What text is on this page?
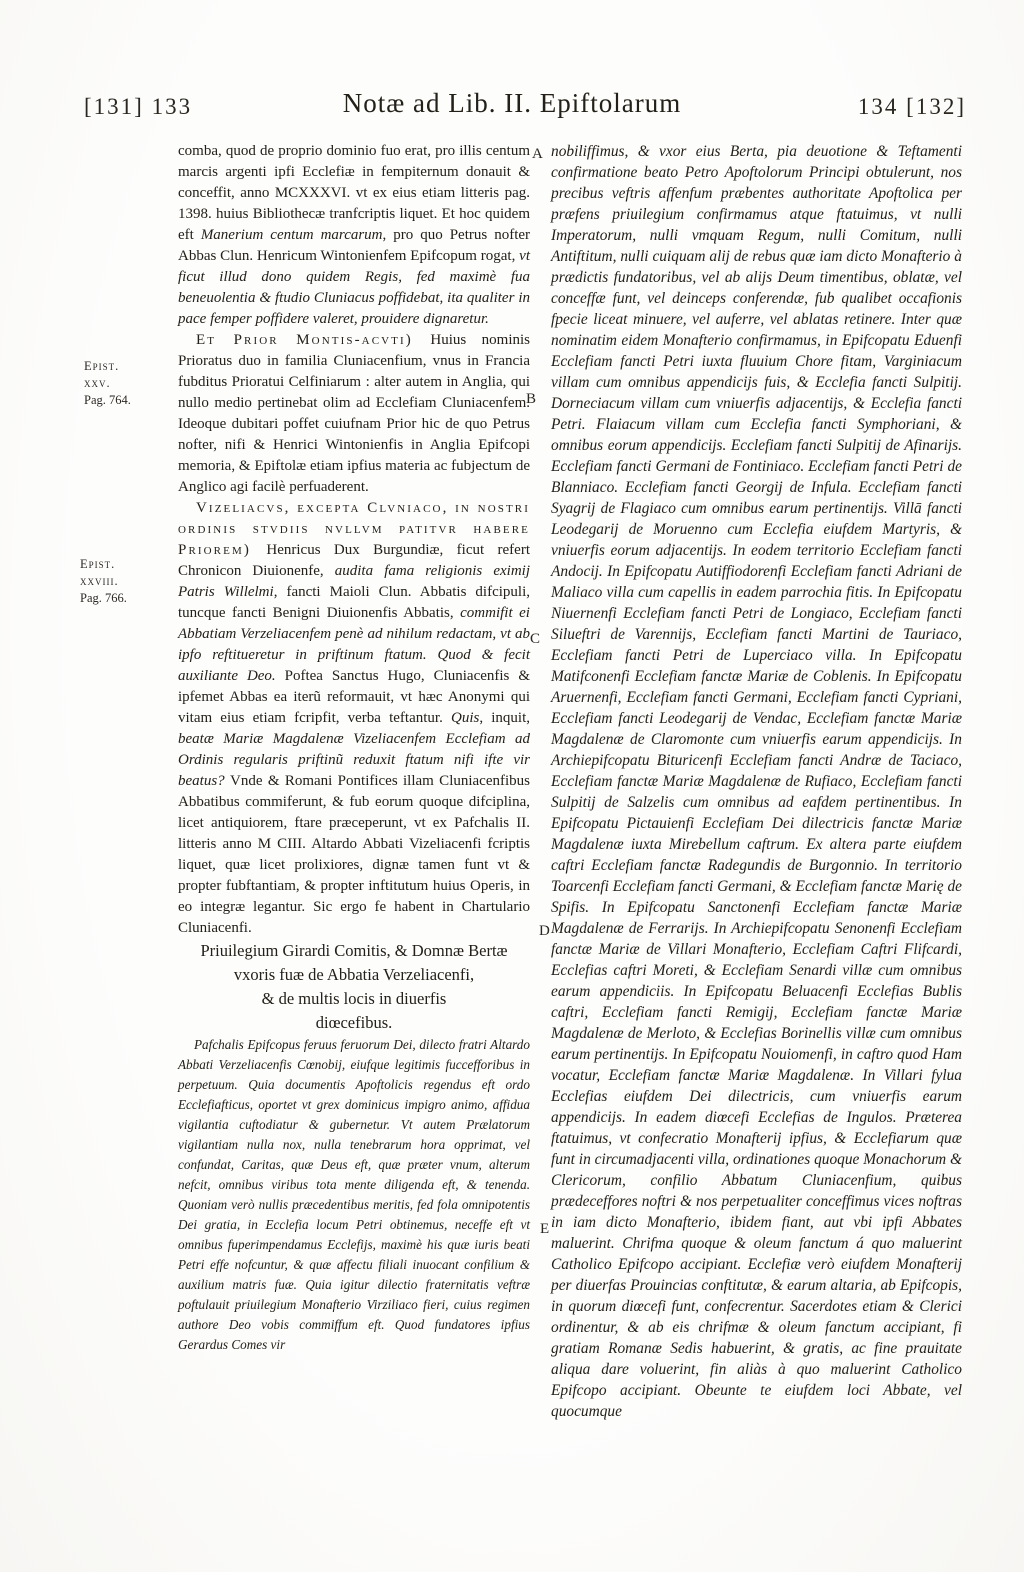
[131] 133	Notæ ad Lib. II. Epiftolarum	134 [132]
Epist.
xxv.
Pag. 764.
Epist.
xxviii.
Pag. 766.
A
B
C
D
E

comba, quod de proprio dominio fuo erat, pro illis centum marcis argenti ipfi Ecclefiæ in fempiternum donauit & conceffit, anno MCXXXVI. vt ex eius etiam litteris pag. 1398. huius Bibliothecæ tranfcriptis liquet. Et hoc quidem eft Manerium centum marcarum, pro quo Petrus nofter Abbas Clun. Henricum Wintonienfem Epifcopum rogat, vt ficut illud dono quidem Regis, fed maximè fua beneuolentia & ftudio Cluniacus poffidebat, ita qualiter in pace femper poffidere valeret, prouidere dignaretur.

Et Prior Montis-acvti) Huius nominis Prioratus duo in familia Cluniacenfium, vnus in Francia fubditus Prioratui Celfiniarum : alter autem in Anglia, qui nullo medio pertinebat olim ad Ecclefiam Cluniacenfem. Ideoque dubitari poffet cuiufnam Prior hic de quo Petrus nofter, nifi & Henrici Wintonienfis in Anglia Epifcopi memoria, & Epiftolæ etiam ipfius materia ac fubjectum de Anglico agi facilè perfuaderent.

Vizeliacvs, excepta Clvniaco, in nostri ordinis stvdiis nvllvm patitvr habere Priorem) Henricus Dux Burgundiæ, ficut refert Chronicon Diuionenfe, audita fama religionis eximij Patris Willelmi, fancti Maioli Clun. Abbatis difcipuli, tuncque fancti Benigni Diuionenfis Abbatis, commifit ei Abbatiam Verzeliacenfem penè ad nihilum redactam, vt ab ipfo reftitueretur in priftinum ftatum. Quod & fecit auxiliante Deo. Poftea Sanctus Hugo, Cluniacenfis & ipfemet Abbas ea iterũ reformauit, vt hæc Anonymi qui vitam eius etiam fcripfit, verba teftantur. Quis, inquit, beatæ Mariæ Magdalenæ Vizeliacenfem Ecclefiam ad Ordinis regularis priftinũ reduxit ftatum nifi ifte vir beatus? Vnde & Romani Pontifices illam Cluniacenfibus Abbatibus commiferunt, & fub eorum quoque difciplina, licet antiquiorem, ftare præceperunt, vt ex Pafchalis II. litteris anno M CIII. Altardo Abbati Vizeliacenfi fcriptis liquet, quæ licet prolixiores, dignæ tamen funt vt & propter fubftantiam, & propter inftitutum huius Operis, in eo integræ legantur. Sic ergo fe habent in Chartulario Cluniacenfi.

Priuilegium Girardi Comitis, & Domnæ Bertæ
vxoris fuæ de Abbatia Verzeliacenfi,
& de multis locis in diuerfis
diœcefibus.

Pafchalis Epifcopus feruus feruorum Dei, dilecto fratri Altardo Abbati Verzeliacenfis Cœnobij, eiufque legitimis fuccefforibus in perpetuum. Quia documentis Apoftolicis regendus eft ordo Ecclefiafticus, oportet vt grex dominicus impigro animo, affidua vigilantia cuftodiatur & gubernetur. Vt autem Prælatorum vigilantiam nulla nox, nulla tenebrarum hora opprimat, vel confundat, Caritas, quæ Deus eft, quæ præter vnum, alterum nefcit, omnibus viribus tota mente diligenda eft, & tenenda. Quoniam verò nullis præcedentibus meritis, fed fola omnipotentis Dei gratia, in Ecclefia locum Petri obtinemus, neceffe eft vt omnibus fuperimpendamus Ecclefijs, maximè his quæ iuris beati Petri effe nofcuntur, & quæ affectu filiali inuocant confilium & auxilium matris fuæ. Quia igitur dilectio fraternitatis veftræ poftulauit priuilegium Monafterio Virziliaco fieri, cuius regimen authore Deo vobis commiffum eft. Quod fundatores ipfius Gerardus Comes vir

nobiliffimus, & vxor eius Berta, pia deuotione & Teftamenti confirmatione beato Petro Apoftolorum Principi obtulerunt, nos precibus veftris affenfum præbentes authoritate Apoftolica per præfens priuilegium confirmamus atque ftatuimus, vt nulli Imperatorum, nulli vmquam Regum, nulli Comitum, nulli Antiftitum, nulli cuiquam alij de rebus quæ iam dicto Monafterio à prædictis fundatoribus, vel ab alijs Deum timentibus, oblatæ, vel conceffæ funt, vel deinceps conferendæ, fub qualibet occafionis fpecie liceat minuere, vel auferre, vel ablatas retinere. Inter quæ nominatim eidem Monafterio confirmamus, in Epifcopatu Eduenfi Ecclefiam fancti Petri iuxta fluuium Chore fitam, Varginiacum villam cum omnibus appendicijs fuis, & Ecclefia fancti Sulpitij. Dorneciacum villam cum vniuerfis adjacentijs, & Ecclefia fancti Petri. Flaiacum villam cum Ecclefia fancti Symphoriani, & omnibus eorum appendicijs. Ecclefiam fancti Sulpitij de Afinarijs. Ecclefiam fancti Germani de Fontiniaco. Ecclefiam fancti Petri de Blanniaco. Ecclefiam fancti Georgij de Infula. Ecclefiam fancti Syagrij de Flagiaco cum omnibus earum pertinentijs. Villā fancti Leodegarij de Moruenno cum Ecclefia eiufdem Martyris, & vniuerfis eorum adjacentijs. In eodem territorio Ecclefiam fancti Andocij. In Epifcopatu Autiffiodorenfi Ecclefiam fancti Adriani de Maliaco villa cum capellis in eadem parrochia fitis. In Epifcopatu Niuernenfi Ecclefiam fancti Petri de Longiaco, Ecclefiam fancti Silueftri de Varennijs, Ecclefiam fancti Martini de Tauriaco, Ecclefiam fancti Petri de Luperciaco villa. In Epifcopatu Matifconenfi Ecclefiam fanctæ Mariæ de Coblenis. In Epifcopatu Aruernenfi, Ecclefiam fancti Germani, Ecclefiam fancti Cypriani, Ecclefiam fancti Leodegarij de Vendac, Ecclefiam fanctæ Mariæ Magdalenæ de Claromonte cum vniuerfis earum appendicijs. In Archiepifcopatu Bituricenfi Ecclefiam fancti Andræ de Taciaco, Ecclefiam fanctæ Mariæ Magdalenæ de Rufiaco, Ecclefiam fancti Sulpitij de Salzelis cum omnibus ad eafdem pertinentibus. In Epifcopatu Pictauienfi Ecclefiam Dei dilectricis fanctæ Mariæ Magdalenæ iuxta Mirebellum caftrum. Ex altera parte eiufdem caftri Ecclefiam fanctæ Radegundis de Burgonnio. In territorio Toarcenfi Ecclefiam fancti Germani, & Ecclefiam fanctæ Marię de Spifis. In Epifcopatu Sanctonenfi Ecclefiam fanctæ Mariæ Magdalenæ de Ferrarijs. In Archiepifcopatu Senonenfi Ecclefiam fanctæ Mariæ de Villari Monafterio, Ecclefiam Caftri Flifcardi, Ecclefias caftri Moreti, & Ecclefiam Senardi villæ cum omnibus earum appendiciis. In Epifcopatu Beluacenfi Ecclefias Bublis caftri, Ecclefiam fancti Remigij, Ecclefiam fanctæ Mariæ Magdalenæ de Merloto, & Ecclefias Borinellis villæ cum omnibus earum pertinentijs. In Epifcopatu Nouiomenfi, in caftro quod Ham vocatur, Ecclefiam fanctæ Mariæ Magdalenæ. In Villari fylua Ecclefias eiufdem Dei dilectricis, cum vniuerfis earum appendicijs. In eadem diœcefi Ecclefias de Ingulos. Præterea ftatuimus, vt confecratio Monafterij ipfius, & Ecclefiarum quæ funt in circumadjacenti villa, ordinationes quoque Monachorum & Clericorum, confilio Abbatum Cluniacenfium, quibus prædeceffores noftri & nos perpetualiter conceffimus vices noftras in iam dicto Monafterio, ibidem fiant, aut vbi ipfi Abbates maluerint. Chrifma quoque & oleum fanctum á quo maluerint Catholico Epifcopo accipiant. Ecclefiæ verò eiufdem Monafterij per diuerfas Prouincias conftitutæ, & earum altaria, ab Epifcopis, in quorum diœcefi funt, confecrentur. Sacerdotes etiam & Clerici ordinentur, & ab eis chrifmæ & oleum fanctum accipiant, fi gratiam Romanæ Sedis habuerint, & gratis, ac fine prauitate aliqua dare voluerint, fin aliàs à quo maluerint Catholico Epifcopo accipiant. Obeunte te eiufdem loci Abbate, vel quocumque
